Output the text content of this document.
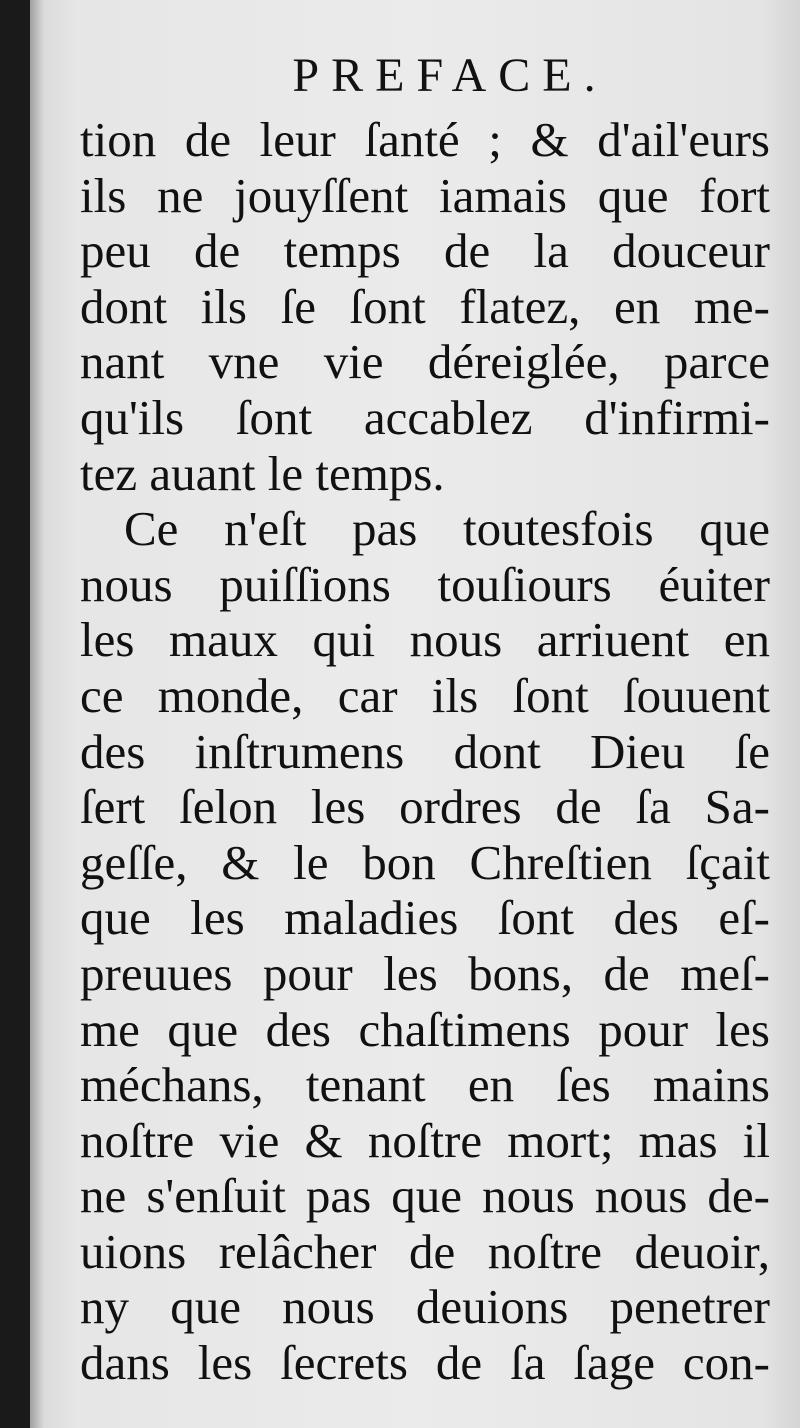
PREFACE.
tion de leur ſanté ; & d'ail'eurs
ils ne jouyſſent iamais que fort
peu de temps de la douceur
dont ils ſe ſont flatez, en me-
nant vne vie déreiglée, parce
qu'ils ſont accablez d'infirmi-
tez auant le temps.
Ce n'eſt pas toutesfois que
nous puiſſions touſiours éuiter
les maux qui nous arriuent en
ce monde, car ils ſont ſouuent
des inſtrumens dont Dieu ſe
ſert ſelon les ordres de ſa Sa-
geſſe, & le bon Chreſtien ſçait
que les maladies ſont des eſ-
preuues pour les bons, de meſ-
me que des chaſtimens pour les
méchans, tenant en ſes mains
noſtre vie & noſtre mort; mas il
ne s'enſuit pas que nous nous de-
uions relâcher de noſtre deuoir,
ny que nous deuions penetrer
dans les ſecrets de ſa ſage con-
